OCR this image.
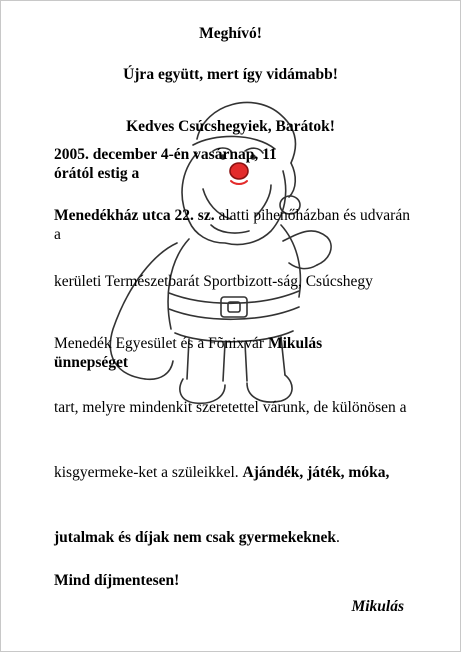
Meghívó!
Újra együtt, mert így vidámabb!
Kedves Csúcshegyiek, Barátok!
2005. december 4-én vasárnap, 11 órától estig a
Menedékház utca 22. sz. alatti pihenőházban és udvarán a
kerületi Természetbarát Sportbizott-ság, Csúcshegy
Menedék Egyesület és a Fõnixvár Mikulás ünnepséget
tart, melyre mindenkit szeretettel várunk, de különösen a
kisgyermeke-ket a szüleikkel. Ajándék, játék, móka,
jutalmak és díjak nem csak gyermekeknek.
Mind díjmentesen!
Mikulás
